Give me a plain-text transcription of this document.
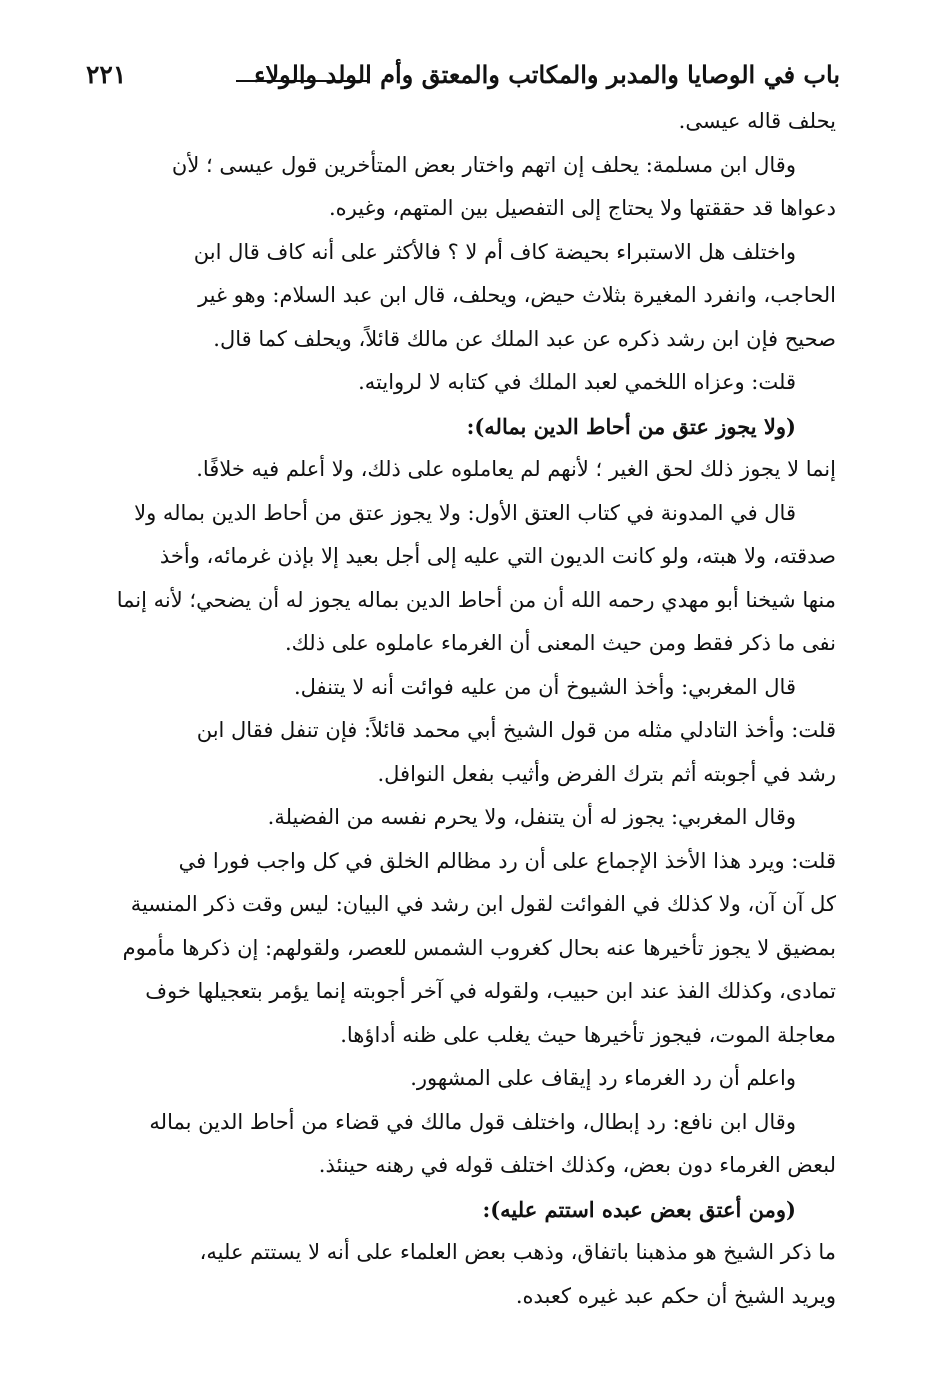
٢٢١	باب في الوصايا والمدبر والمكاتب والمعتق وأم الولد والولاء
يحلف قاله عيسى.
وقال ابن مسلمة: يحلف إن اتهم واختار بعض المتأخرين قول عيسى ؛ لأن
دعواها قد حققتها ولا يحتاج إلى التفصيل بين المتهم، وغيره.
واختلف هل الاستبراء بحيضة كاف أم لا ؟ فالأكثر على أنه كاف قال ابن
الحاجب، وانفرد المغيرة بثلاث حيض، ويحلف، قال ابن عبد السلام: وهو غير
صحيح فإن ابن رشد ذكره عن عبد الملك عن مالك قائلاً، ويحلف كما قال.
قلت: وعزاه اللخمي لعبد الملك في كتابه لا لروايته.
(ولا يجوز عتق من أحاط الدين بماله):
إنما لا يجوز ذلك لحق الغير ؛ لأنهم لم يعاملوه على ذلك، ولا أعلم فيه خلافًا.
قال في المدونة في كتاب العتق الأول: ولا يجوز عتق من أحاط الدين بماله ولا
صدقته، ولا هبته، ولو كانت الديون التي عليه إلى أجل بعيد إلا بإذن غرمائه، وأخذ
منها شيخنا أبو مهدي رحمه الله أن من أحاط الدين بماله يجوز له أن يضحي؛ لأنه إنما
نفى ما ذكر فقط ومن حيث المعنى أن الغرماء عاملوه على ذلك.
قال المغربي: وأخذ الشيوخ أن من عليه فوائت أنه لا يتنفل.
قلت: وأخذ التادلي مثله من قول الشيخ أبي محمد قائلاً: فإن تنفل فقال ابن
رشد في أجوبته أثم بترك الفرض وأثيب بفعل النوافل.
وقال المغربي: يجوز له أن يتنفل، ولا يحرم نفسه من الفضيلة.
قلت: ويرد هذا الأخذ الإجماع على أن رد مظالم الخلق في كل واجب فورا في
كل آن آن، ولا كذلك في الفوائت لقول ابن رشد في البيان: ليس وقت ذكر المنسية
بمضيق لا يجوز تأخيرها عنه بحال كغروب الشمس للعصر، ولقولهم: إن ذكرها مأموم
تمادى، وكذلك الفذ عند ابن حبيب، ولقوله في آخر أجوبته إنما يؤمر بتعجيلها خوف
معاجلة الموت، فيجوز تأخيرها حيث يغلب على ظنه أداؤها.
واعلم أن رد الغرماء رد إيقاف على المشهور.
وقال ابن نافع: رد إبطال، واختلف قول مالك في قضاء من أحاط الدين بماله
لبعض الغرماء دون بعض، وكذلك اختلف قوله في رهنه حينئذ.
(ومن أعتق بعض عبده استتم عليه):
ما ذكر الشيخ هو مذهبنا باتفاق، وذهب بعض العلماء على أنه لا يستتم عليه،
ويريد الشيخ أن حكم عبد غيره كعبده.
